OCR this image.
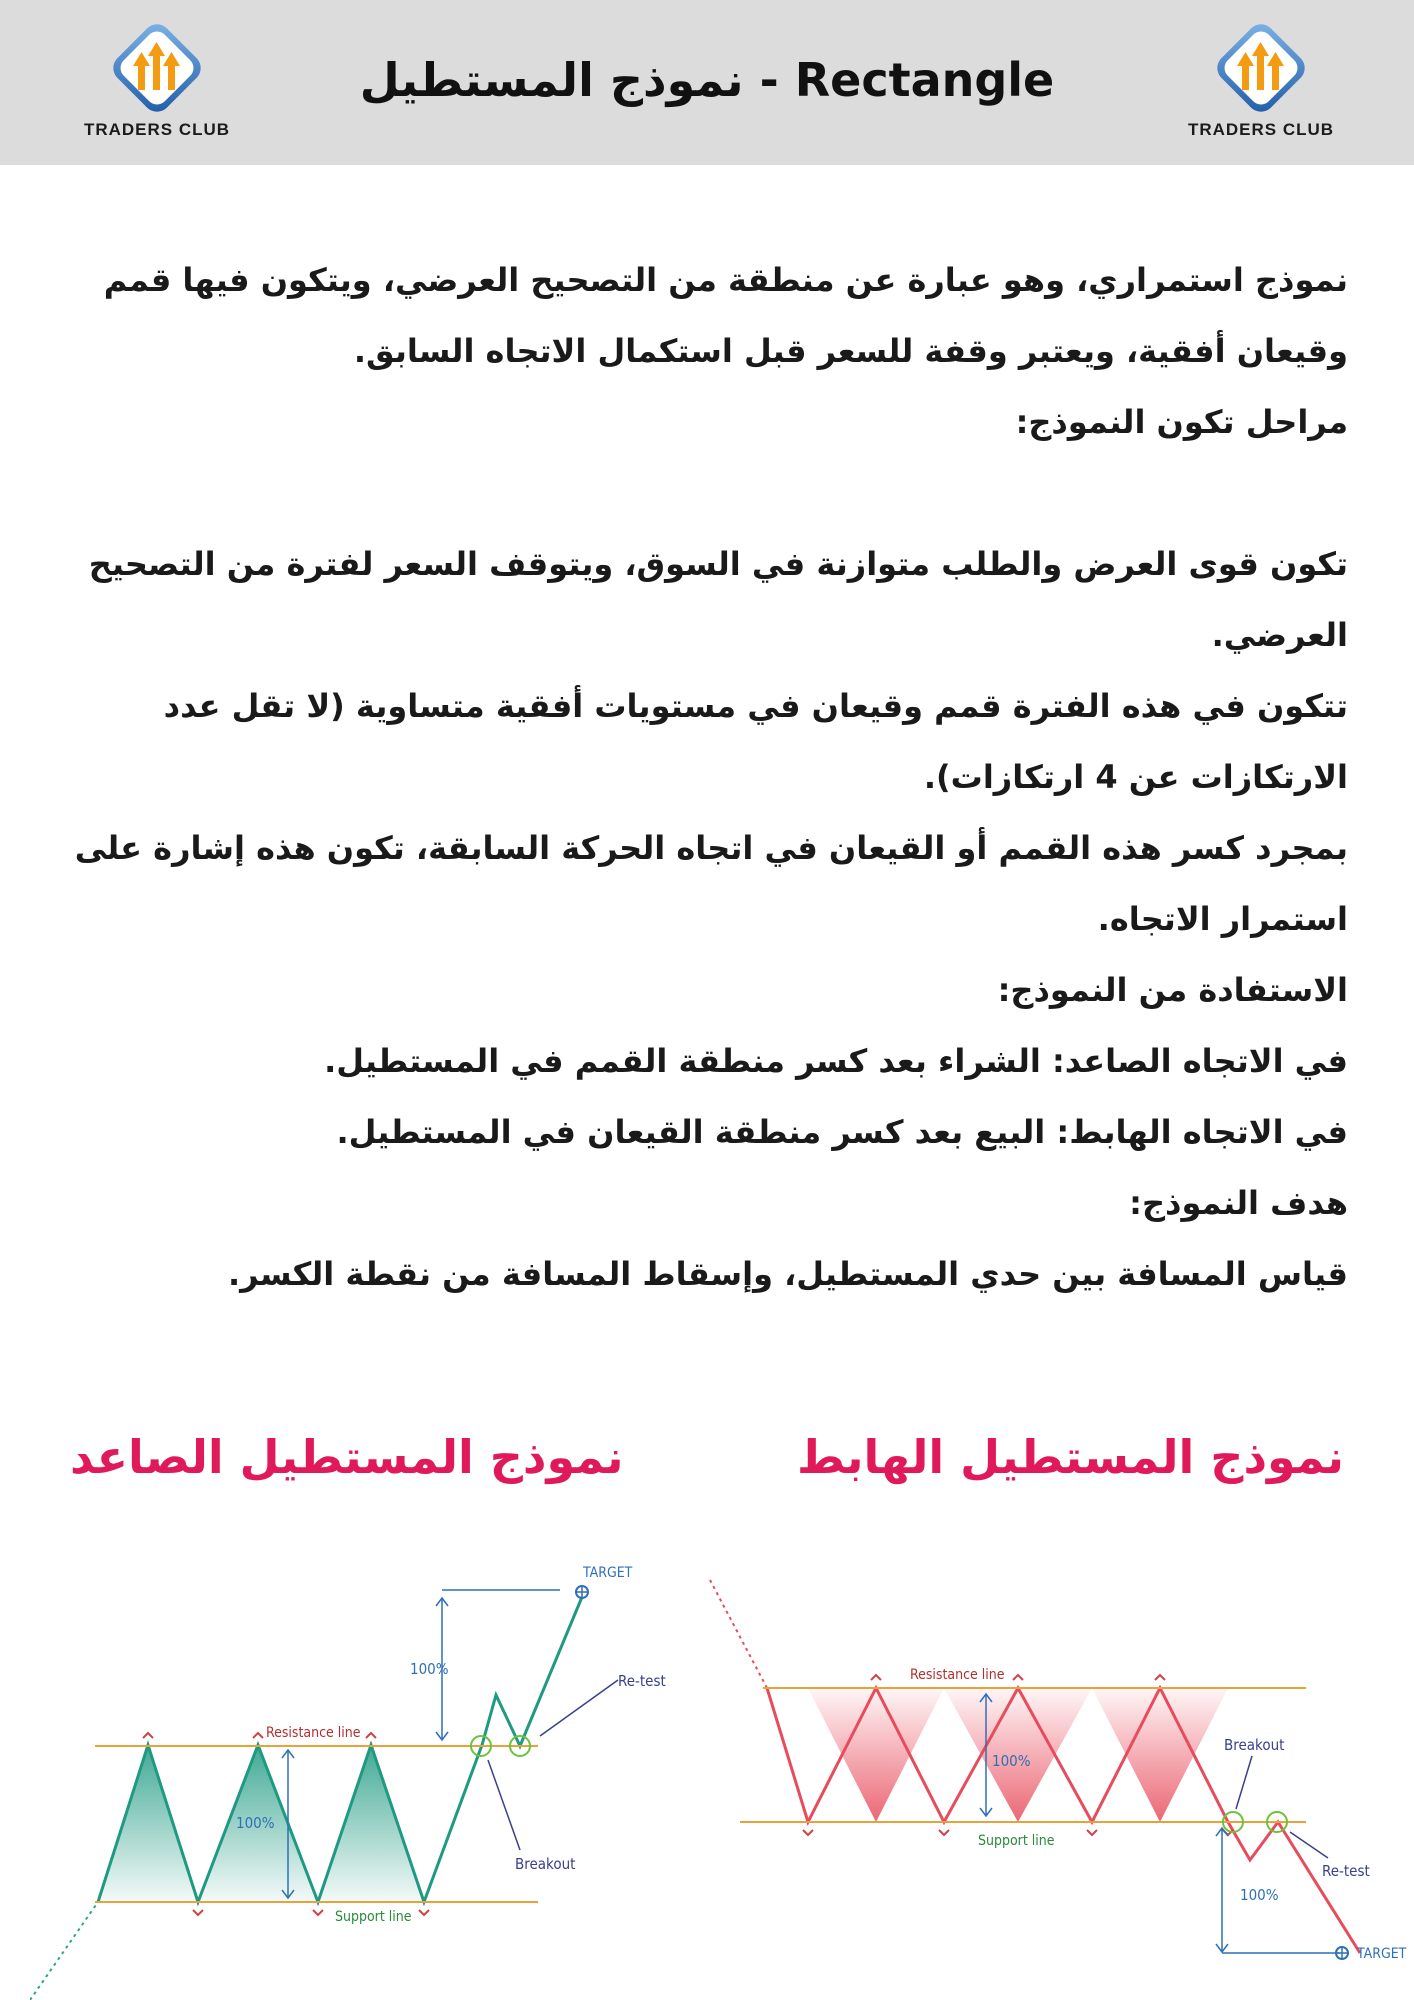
TRADERS CLUB
نموذج المستطيل - Rectangle
TRADERS CLUB

نموذج استمراري، وهو عبارة عن منطقة من التصحيح العرضي، ويتكون فيها قمم وقيعان أفقية، ويعتبر وقفة للسعر قبل استكمال الاتجاه السابق.

مراحل تكون النموذج:

تكون قوى العرض والطلب متوازنة في السوق، ويتوقف السعر لفترة من التصحيح العرضي.

تتكون في هذه الفترة قمم وقيعان في مستويات أفقية متساوية (لا تقل عدد الارتكازات عن 4 ارتكازات).

بمجرد كسر هذه القمم أو القيعان في اتجاه الحركة السابقة، تكون هذه إشارة على استمرار الاتجاه.

الاستفادة من النموذج:

في الاتجاه الصاعد: الشراء بعد كسر منطقة القمم في المستطيل.

في الاتجاه الهابط: البيع بعد كسر منطقة القيعان في المستطيل.

هدف النموذج:

قياس المسافة بين حدي المستطيل، وإسقاط المسافة من نقطة الكسر.

نموذج المستطيل الهابط
نموذج المستطيل الصاعد
Resistance line
Support line
100%
100%
TARGET
Re-test
Breakout
Resistance line
Support line
100%
100%
TARGET
Breakout
Re-test
